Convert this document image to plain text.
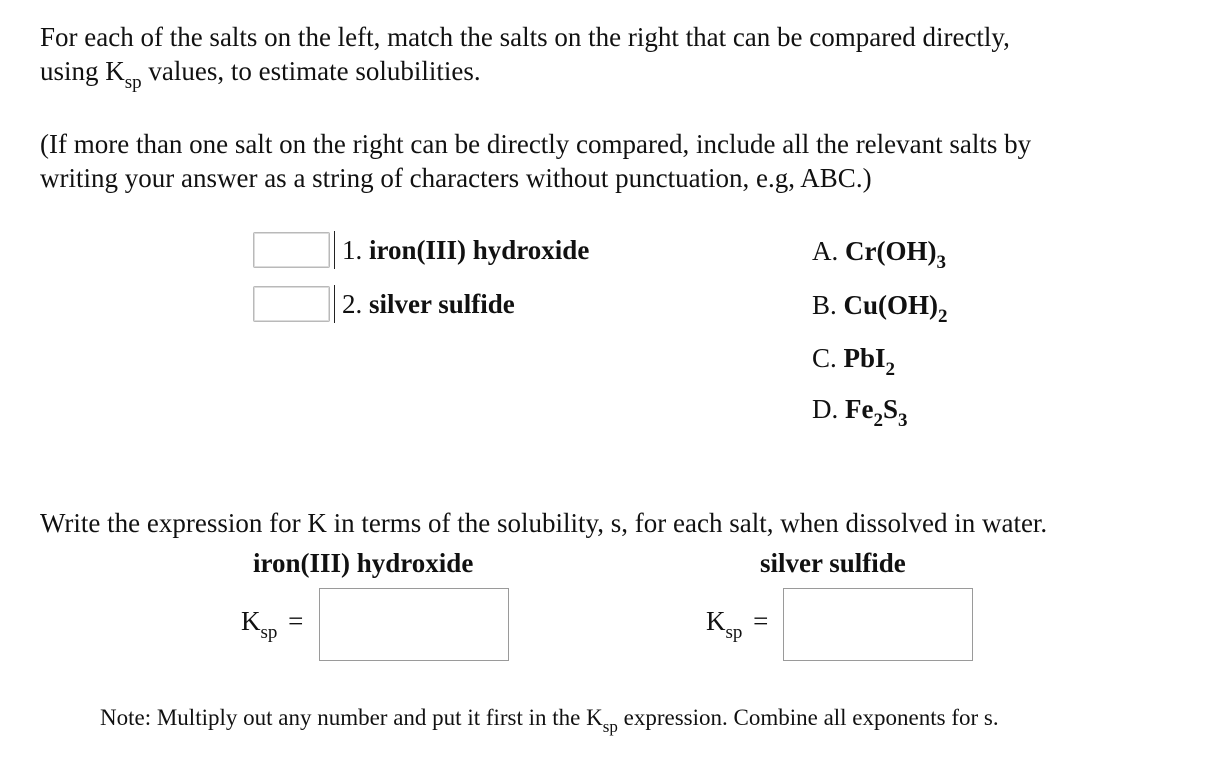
For each of the salts on the left, match the salts on the right that can be compared directly,
using $K_{sp}$ values, to estimate solubilities.

(If more than one salt on the right can be directly compared, include all the relevant salts by
writing your answer as a string of characters without punctuation, e.g, ABC.)

1. iron(III) hydroxide
2. silver sulfide
A. $Cr(OH)_3$
B. $Cu(OH)_2$
C. PbI$_2$
D. $Fe_2S_3$

Write the expression for K in terms of the solubility, s, for each salt, when dissolved in water.

iron(III) hydroxide	silver sulfide
$K_{sp}$ =	$K_{sp}$ =
Note: Multiply out any number and put it first in the $K_{sp}$ expression. Combine all exponents for s.
